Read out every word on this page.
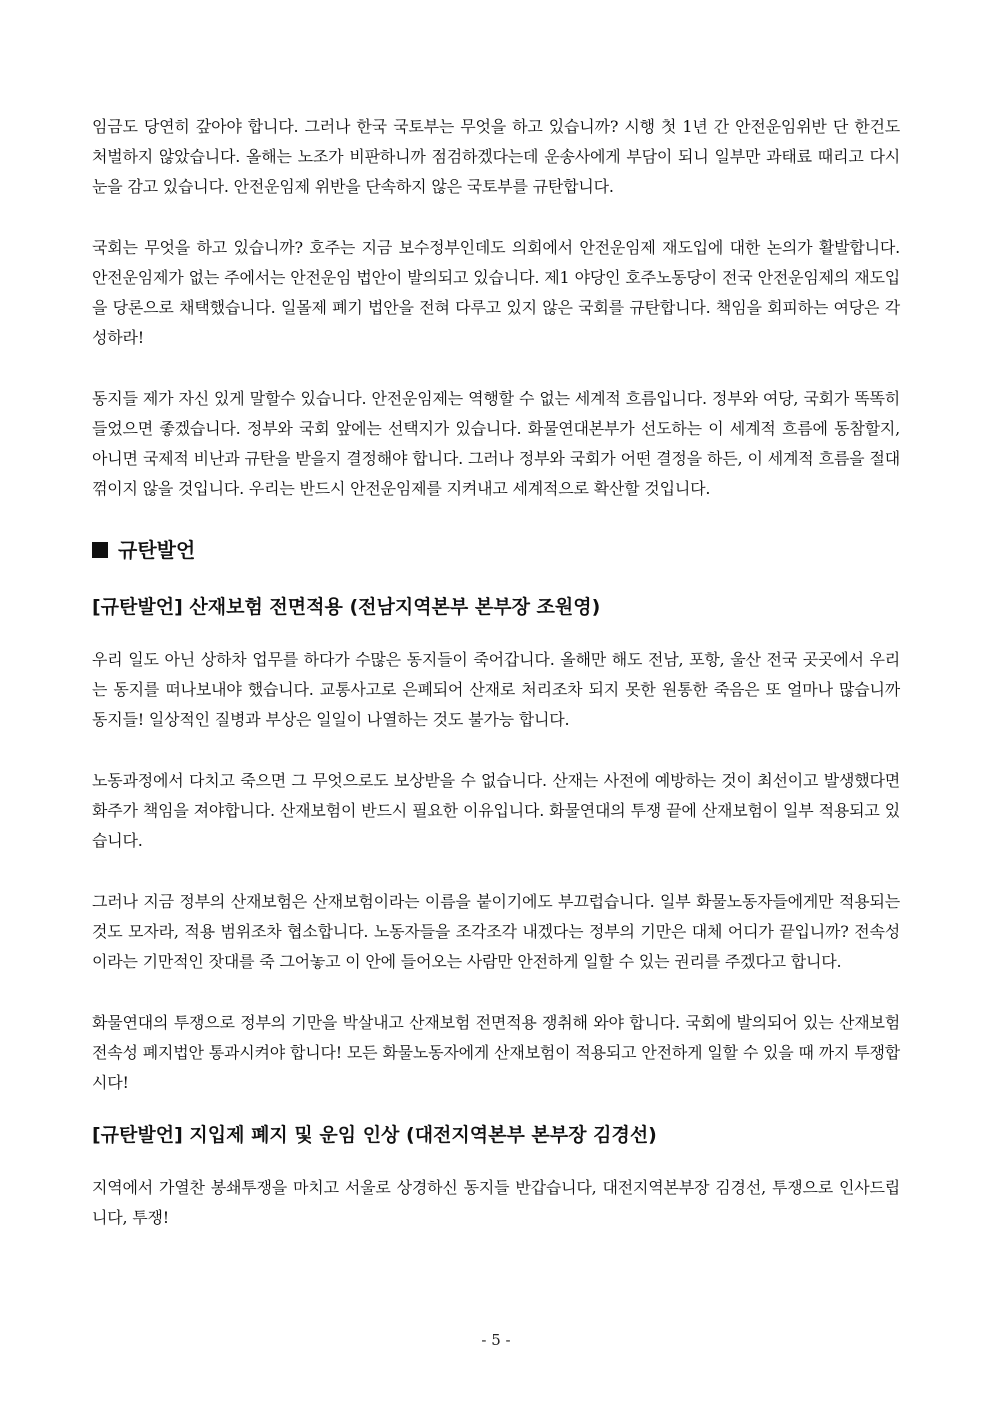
임금도 당연히 갚아야 합니다. 그러나 한국 국토부는 무엇을 하고 있습니까? 시행 첫 1년 간 안전운임위반 단 한건도 처벌하지 않았습니다. 올해는 노조가 비판하니까 점검하겠다는데 운송사에게 부담이 되니 일부만 과태료 때리고 다시 눈을 감고 있습니다. 안전운임제 위반을 단속하지 않은 국토부를 규탄합니다.

국회는 무엇을 하고 있습니까? 호주는 지금 보수정부인데도 의회에서 안전운임제 재도입에 대한 논의가 활발합니다. 안전운임제가 없는 주에서는 안전운임 법안이 발의되고 있습니다. 제1 야당인 호주노동당이 전국 안전운임제의 재도입을 당론으로 채택했습니다. 일몰제 폐기 법안을 전혀 다루고 있지 않은 국회를 규탄합니다. 책임을 회피하는 여당은 각성하라!

동지들 제가 자신 있게 말할수 있습니다. 안전운임제는 역행할 수 없는 세계적 흐름입니다. 정부와 여당, 국회가 똑똑히 들었으면 좋겠습니다. 정부와 국회 앞에는 선택지가 있습니다. 화물연대본부가 선도하는 이 세계적 흐름에 동참할지, 아니면 국제적 비난과 규탄을 받을지 결정해야 합니다. 그러나 정부와 국회가 어떤 결정을 하든, 이 세계적 흐름을 절대 꺾이지 않을 것입니다. 우리는 반드시 안전운임제를 지켜내고 세계적으로 확산할 것입니다.

규탄발언
[규탄발언] 산재보험 전면적용 (전남지역본부 본부장 조원영)

우리 일도 아닌 상하차 업무를 하다가 수많은 동지들이 죽어갑니다. 올해만 해도 전남, 포항, 울산 전국 곳곳에서 우리는 동지를 떠나보내야 했습니다. 교통사고로 은폐되어 산재로 처리조차 되지 못한 원통한 죽음은 또 얼마나 많습니까 동지들! 일상적인 질병과 부상은 일일이 나열하는 것도 불가능 합니다.

노동과정에서 다치고 죽으면 그 무엇으로도 보상받을 수 없습니다. 산재는 사전에 예방하는 것이 최선이고 발생했다면 화주가 책임을 져야합니다. 산재보험이 반드시 필요한 이유입니다. 화물연대의 투쟁 끝에 산재보험이 일부 적용되고 있습니다.

그러나 지금 정부의 산재보험은 산재보험이라는 이름을 붙이기에도 부끄럽습니다. 일부 화물노동자들에게만 적용되는 것도 모자라, 적용 범위조차 협소합니다. 노동자들을 조각조각 내겠다는 정부의 기만은 대체 어디가 끝입니까? 전속성이라는 기만적인 잣대를 죽 그어놓고 이 안에 들어오는 사람만 안전하게 일할 수 있는 권리를 주겠다고 합니다.

화물연대의 투쟁으로 정부의 기만을 박살내고 산재보험 전면적용 쟁취해 와야 합니다. 국회에 발의되어 있는 산재보험 전속성 폐지법안 통과시켜야 합니다! 모든 화물노동자에게 산재보험이 적용되고 안전하게 일할 수 있을 때 까지 투쟁합시다!

[규탄발언] 지입제 폐지 및 운임 인상 (대전지역본부 본부장 김경선)

지역에서 가열찬 봉쇄투쟁을 마치고 서울로 상경하신 동지들 반갑습니다, 대전지역본부장 김경선, 투쟁으로 인사드립니다, 투쟁!

- 5 -
